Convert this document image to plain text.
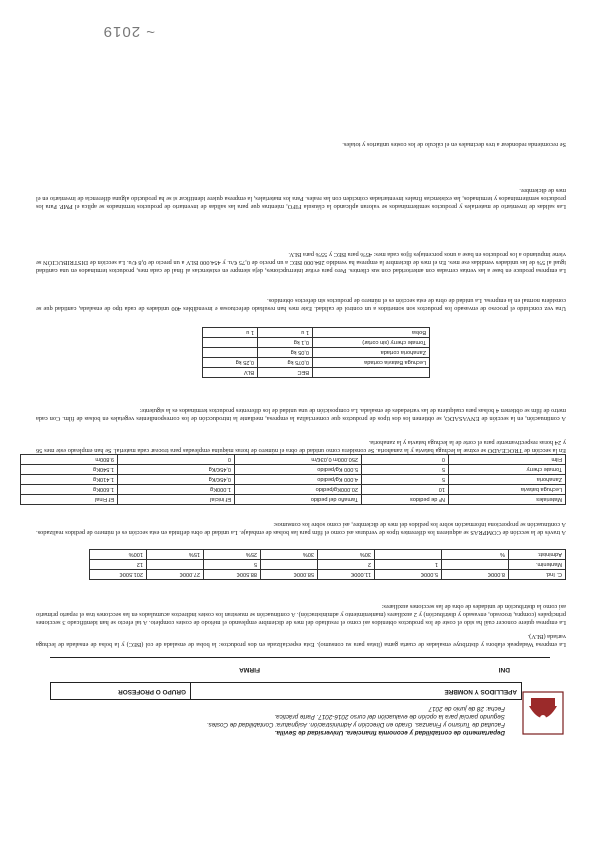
~ 2019
Departamento de contabilidad y economía financiera. Universidad de Sevilla.
Facultad de Turismo y Finanzas. Grado en Dirección y Administración. Asignatura: Contabilidad de Costes.
Segundo parcial para la opción de evaluación del curso 2016-2017. Parte práctica.
Fecha: 28 de junio de 2017
APELLIDOS Y NOMBRE
GRUPO O PROFESOR
FIRMA	DNI
La empresa Wadapeak elabora y distribuye ensaladas de cuarta gama (listas para su consumo). Esta especializada en dos productos: la bolsa de ensalada de col (BEC) y la bolsa de ensalada de lechuga variada (BLV).
La empresa quiere conocer cuál ha sido el coste de los productos obtenidos así como el resultado del mes de diciembre empleando el método de costes completo. A tal efecto se han identificado 3 secciones principales (compra, troceado, envasado y distribución) y 2 auxiliares (mantenimiento y administración). A continuación se muestran los costes indirectos acumulados en las secciones tras el reparto primario así como la distribución de unidades de obra de las secciones auxiliares:
C. Ind.	8.000€	5.000€	11.000€	58.000€	88.500€	27.000€	201.500€
Mantenim.		1	2		5		12
Administr.	%		30%	30%	25%	15%	100%
A través de la sección de COMPRAS se adquieren los diferentes tipos de verduras así como el film para las bolsas de embalaje. La unidad de obra definida en esta sección es el número de pedidos realizados. A continuación se proporciona información sobre los pedidos del mes de diciembre, así como sobre los consumos:
Materiales	Nº de pedidos	Tamaño del pedido	Ef inicial	Ef Final
Lechuga batavia	10	20.000Kg/pedido	1.000Kg	1.600Kg
Zanahoria	5	4.000 Kg/pedido	0,45€/Kg	1.410Kg
Tomate cherry	5	5.000 Kg/pedido	0,45€/Kg	1.540Kg
Film	0	250.000m 0,03€/m	0	9.800m
En la sección de TROCEADO se extrae la lechuga batavia y la zanahoria. Se considera como unidad de obra el número de horas máquina empleadas para trocear cada material. Se han empleado este mes 56 y 24 horas respectivamente para el corte de la lechuga batavia y la zanahoria.
A continuación, en la sección de ENVASADO, se obtienen los dos tipos de productos que comercializa la empresa, mediante la introducción de los correspondientes vegetales en bolsas de film. Con cada metro de film se obtienen 4 bolsas para cualquiera de las variedades de ensalada. La composición de una unidad de los diferentes productos terminados es la siguiente:
	BEC	BLV
Lechuga Batavia cortada	0,075 kg	0,25 kg
Zanahoria cortada	0,05 kg	
Tomate cherry (sin cortar)	0,1 kg	
Bolsa	1 u	1 u
Una vez concluido el proceso de envasado los productos son sometidos a un control de calidad. Este mes han resultado defectuosas e invendibles 400 unidades de cada tipo de ensalada, cantidad que se considera normal en la empresa. La unidad de obra de esta sección es el número de productos sin defectos obtenidos.
La empresa produce en base a las ventas cerradas con anterioridad con sus clientes. Pero para evitar interrupciones, deja siempre en existencias al final de cada mes, productos terminados en una cantidad igual al 5% de las unidades vendidas ese mes. En el mes de diciembre la empresa ha vendido 284.000 BEC a un precio de 0,75 €/u. y 454.000 BLV a un precio de 0,8 €/u. La sección de DISTRIBUCIÓN se viene imputando a los productos en base a unos porcentajes fijos cada mes: 45% para BEC y 55% para BLV.
Las salidas de inventario de materiales y productos semiterminados se valoran aplicando la cláusula FIFO, mientras que para las salidas de inventario de productos terminados se aplica el PMP. Para los productos semiterminados y terminados, las existencias finales inventariadas coinciden con las reales. Para los materiales, la empresa quiere identificar si se ha producido alguna diferencia de inventario en el mes de diciembre.
Se recomienda redondear a tres decimales en el cálculo de los costes unitarios y totales.
